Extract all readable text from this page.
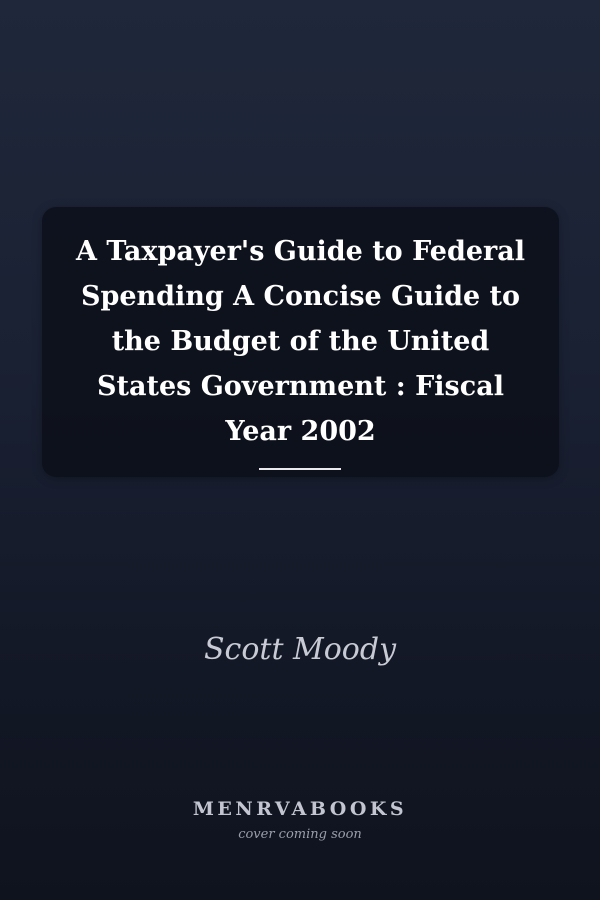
A Taxpayer's Guide to Federal Spending A Concise Guide to the Budget of the United States Government : Fiscal Year 2002
Scott Moody
MENRVABOOKS
cover coming soon
